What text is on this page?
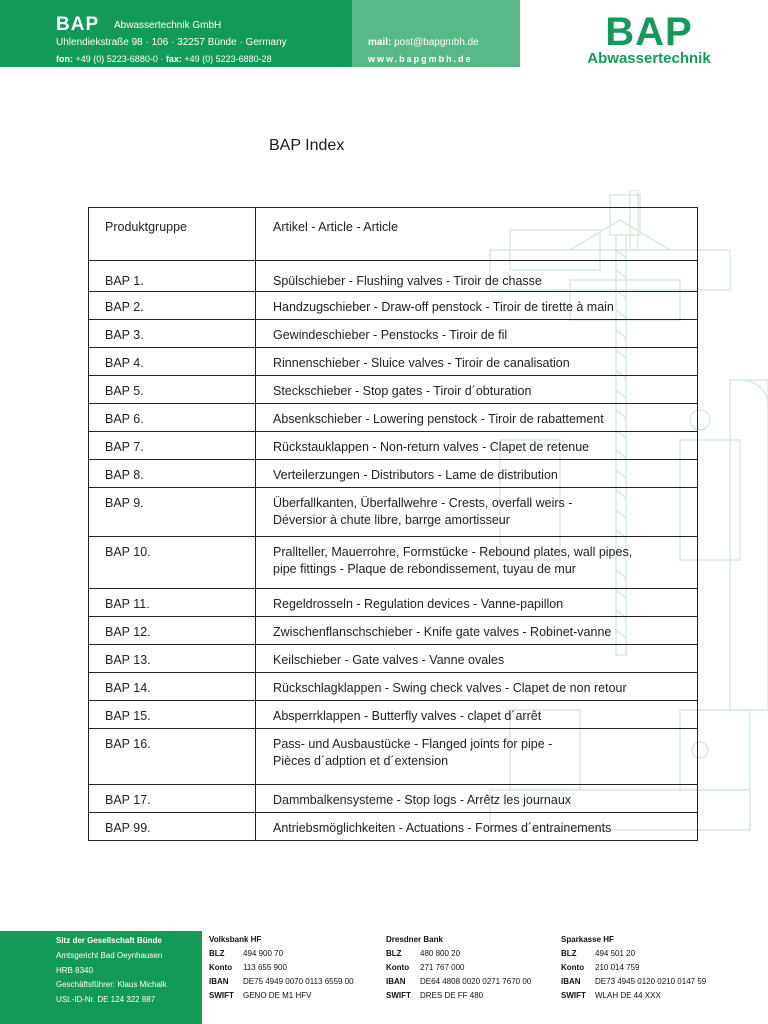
BAP Abwassertechnik GmbH
Uhlendiekstraße 98 · 106 · 32257 Bünde · Germany
fon: +49 (0) 5223-6880-0 · fax: +49 (0) 5223-6880-28
mail: post@bapgmbh.de
www.bapgmbh.de
BAP
Abwassertechnik
BAP Index
Produktgruppe	Artikel - Article - Article

BAP 1.	Spülschieber - Flushing valves - Tiroir de chasse

BAP 2.	Handzugschieber - Draw-off penstock - Tiroir de tirette à main

BAP 3.	Gewindeschieber - Penstocks - Tiroir de fil

BAP 4.	Rinnenschieber - Sluice valves - Tiroir de canalisation

BAP 5.	Steckschieber - Stop gates - Tiroir d´obturation

BAP 6.	Absenkschieber - Lowering penstock - Tiroir de rabattement

BAP 7.	Rückstauklappen - Non-return valves - Clapet de retenue

BAP 8.	Verteilerzungen - Distributors - Lame de distribution

BAP 9.	Überfallkanten, Überfallwehre - Crests, overfall weirs -
Déversior à chute libre, barrge amortisseur

BAP 10.	Prallteller, Mauerrohre, Formstücke - Rebound plates, wall pipes,
pipe fittings - Plaque de rebondissement, tuyau de mur

BAP 11.	Regeldrosseln - Regulation devices - Vanne-papillon

BAP 12.	Zwischenflanschschieber - Knife gate valves - Robinet-vanne

BAP 13.	Keilschieber - Gate valves - Vanne ovales

BAP 14.	Rückschlagklappen - Swing check valves - Clapet de non retour

BAP 15.	Absperrklappen - Butterfly valves - clapet d´arrêt

BAP 16.	Pass- und Ausbaustücke - Flanged joints for pipe -
Pièces d´adption et d´extension

BAP 17.	Dammbalkensysteme - Stop logs - Arrêtz les journaux

BAP 99.	Antriebsmöglichkeiten - Actuations - Formes d´entrainements
Sitz der Gesellschaft Bünde
Amtsgericht Bad Oeynhausen
HRB 8340
Geschäftsführer: Klaus Michalk
USt.-ID-Nr. DE 124 322 887
Volksbank HF
BLZ 494 900 70
Konto 113 655 900
IBAN DE75 4949 0070 0113 6559 00
SWIFT GENO DE M1 HFV
Dresdner Bank
BLZ 480 800 20
Konto 271 767 000
IBAN DE64 4808 0020 0271 7670 00
SWIFT DRES DE FF 480
Sparkasse HF
BLZ 494 501 20
Konto 210 014 759
IBAN DE73 4945 0120 0210 0147 59
SWIFT WLAH DE 44 XXX
